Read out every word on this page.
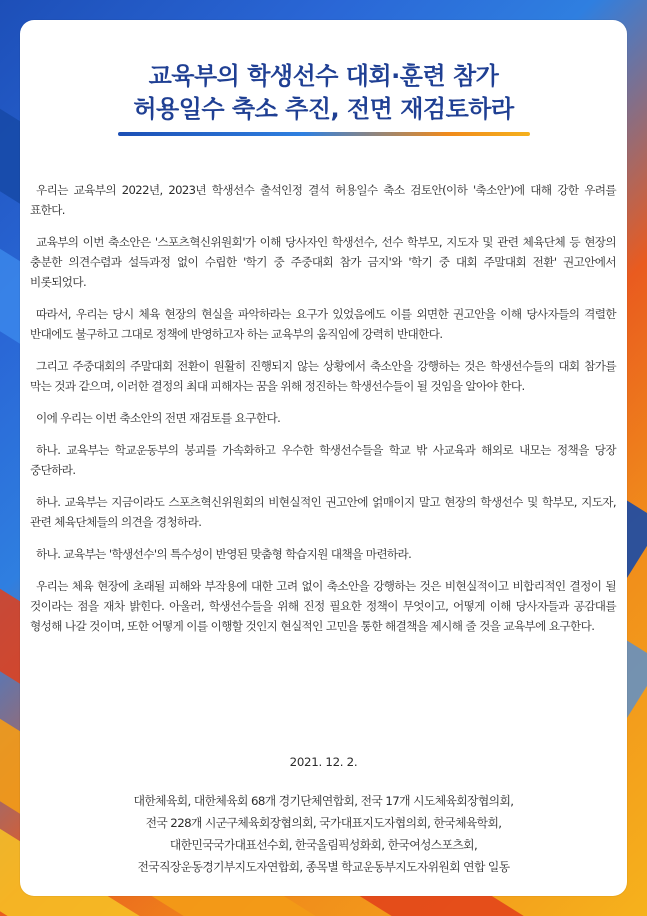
교육부의 학생선수 대회·훈련 참가
허용일수 축소 추진, 전면 재검토하라

우리는 교육부의 2022년, 2023년 학생선수 출석인정 결석 허용일수 축소 검토안(이하 '축소안')에 대해 강한 우려를 표한다.

교육부의 이번 축소안은 '스포츠혁신위원회'가 이해 당사자인 학생선수, 선수 학부모, 지도자 및 관련 체육단체 등 현장의 충분한 의견수렴과 설득과정 없이 수립한 '학기 중 주중대회 참가 금지'와 '학기 중 대회 주말대회 전환' 권고안에서 비롯되었다.

따라서, 우리는 당시 체육 현장의 현실을 파악하라는 요구가 있었음에도 이를 외면한 권고안을 이해 당사자들의 격렬한 반대에도 불구하고 그대로 정책에 반영하고자 하는 교육부의 움직임에 강력히 반대한다.

그리고 주중대회의 주말대회 전환이 원활히 진행되지 않는 상황에서 축소안을 강행하는 것은 학생선수들의 대회 참가를 막는 것과 같으며, 이러한 결정의 최대 피해자는 꿈을 위해 정진하는 학생선수들이 될 것임을 알아야 한다.

이에 우리는 이번 축소안의 전면 재검토를 요구한다.

하나. 교육부는 학교운동부의 붕괴를 가속화하고 우수한 학생선수들을 학교 밖 사교육과 해외로 내모는 정책을 당장 중단하라.

하나. 교육부는 지금이라도 스포츠혁신위원회의 비현실적인 권고안에 얽매이지 말고 현장의 학생선수 및 학부모, 지도자, 관련 체육단체들의 의견을 경청하라.

하나. 교육부는 '학생선수'의 특수성이 반영된 맞춤형 학습지원 대책을 마련하라.

우리는 체육 현장에 초래될 피해와 부작용에 대한 고려 없이 축소안을 강행하는 것은 비현실적이고 비합리적인 결정이 될 것이라는 점을 재차 밝힌다. 아울러, 학생선수들을 위해 진정 필요한 정책이 무엇이고, 어떻게 이해 당사자들과 공감대를 형성해 나갈 것이며, 또한 어떻게 이를 이행할 것인지 현실적인 고민을 통한 해결책을 제시해 줄 것을 교육부에 요구한다.

2021. 12. 2.
대한체육회, 대한체육회 68개 경기단체연합회, 전국 17개 시도체육회장협의회,
전국 228개 시군구체육회장협의회, 국가대표지도자협의회, 한국체육학회,
대한민국국가대표선수회, 한국올림픽성화회, 한국여성스포츠회,
전국직장운동경기부지도자연합회, 종목별 학교운동부지도자위원회 연합 일동
